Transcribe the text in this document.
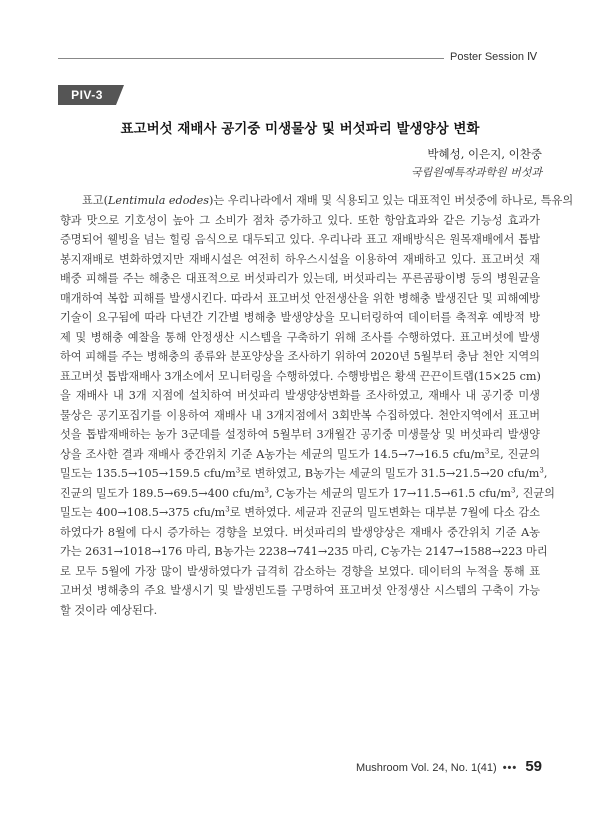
Poster Session Ⅳ
PIV-3
표고버섯 재배사 공기중 미생물상 및 버섯파리 발생양상 변화
박혜성, 이은지, 이찬중
국립원예특작과학원 버섯과
표고(Lentimula edodes)는 우리나라에서 재배 및 식용되고 있는 대표적인 버섯중에 하나로, 특유의
향과 맛으로 기호성이 높아 그 소비가 점차 증가하고 있다. 또한 항암효과와 같은 기능성 효과가
증명되어 웰빙을 넘는 힐링 음식으로 대두되고 있다. 우리나라 표고 재배방식은 원목재배에서 톱밥
봉지재배로 변화하였지만 재배시설은 여전히 하우스시설을 이용하여 재배하고 있다. 표고버섯 재
배중 피해를 주는 해충은 대표적으로 버섯파리가 있는데, 버섯파리는 푸른곰팡이병 등의 병원균을
매개하여 복합 피해를 발생시킨다. 따라서 표고버섯 안전생산을 위한 병해충 발생진단 및 피해예방
기술이 요구됨에 따라 다년간 기간별 병해충 발생양상을 모니터링하여 데이터를 축적후 예방적 방
제 및 병해충 예찰을 통해 안정생산 시스템을 구축하기 위해 조사를 수행하였다. 표고버섯에 발생
하여 피해를 주는 병해충의 종류와 분포양상을 조사하기 위하여 2020년 5월부터 충남 천안 지역의
표고버섯 톱밥재배사 3개소에서 모니터링을 수행하였다. 수행방법은 황색 끈끈이트랩(15×25 cm)
을 재배사 내 3개 지점에 설치하여 버섯파리 발생양상변화를 조사하였고, 재배사 내 공기중 미생
물상은 공기포집기를 이용하여 재배사 내 3개지점에서 3회반복 수집하였다. 천안지역에서 표고버
섯을 톱밥재배하는 농가 3군데를 설정하여 5월부터 3개월간 공기중 미생물상 및 버섯파리 발생양
상을 조사한 결과 재배사 중간위치 기준 A농가는 세균의 밀도가 14.5→7→16.5 cfu/$m^3$로, 진균의
밀도는 135.5→105→159.5 cfu/$m^3$로 변하였고, B농가는 세균의 밀도가 31.5→21.5→20 cfu/$m^3$,
진균의 밀도가 189.5→69.5→400 cfu/$m^3$, C농가는 세균의 밀도가 17→11.5→61.5 cfu/$m^3$, 진균의
밀도는 400→108.5→375 cfu/$m^3$로 변하였다. 세균과 진균의 밀도변화는 대부분 7월에 다소 감소
하였다가 8월에 다시 증가하는 경향을 보였다. 버섯파리의 발생양상은 재배사 중간위치 기준 A농
가는 2631→1018→176 마리, B농가는 2238→741→235 마리, C농가는 2147→1588→223 마리
로 모두 5월에 가장 많이 발생하였다가 급격히 감소하는 경향을 보였다. 데이터의 누적을 통해 표
고버섯 병해충의 주요 발생시기 및 발생빈도를 구명하여 표고버섯 안정생산 시스템의 구축이 가능
할 것이라 예상된다.
Mushroom Vol. 24, No. 1(41) ••• 59
